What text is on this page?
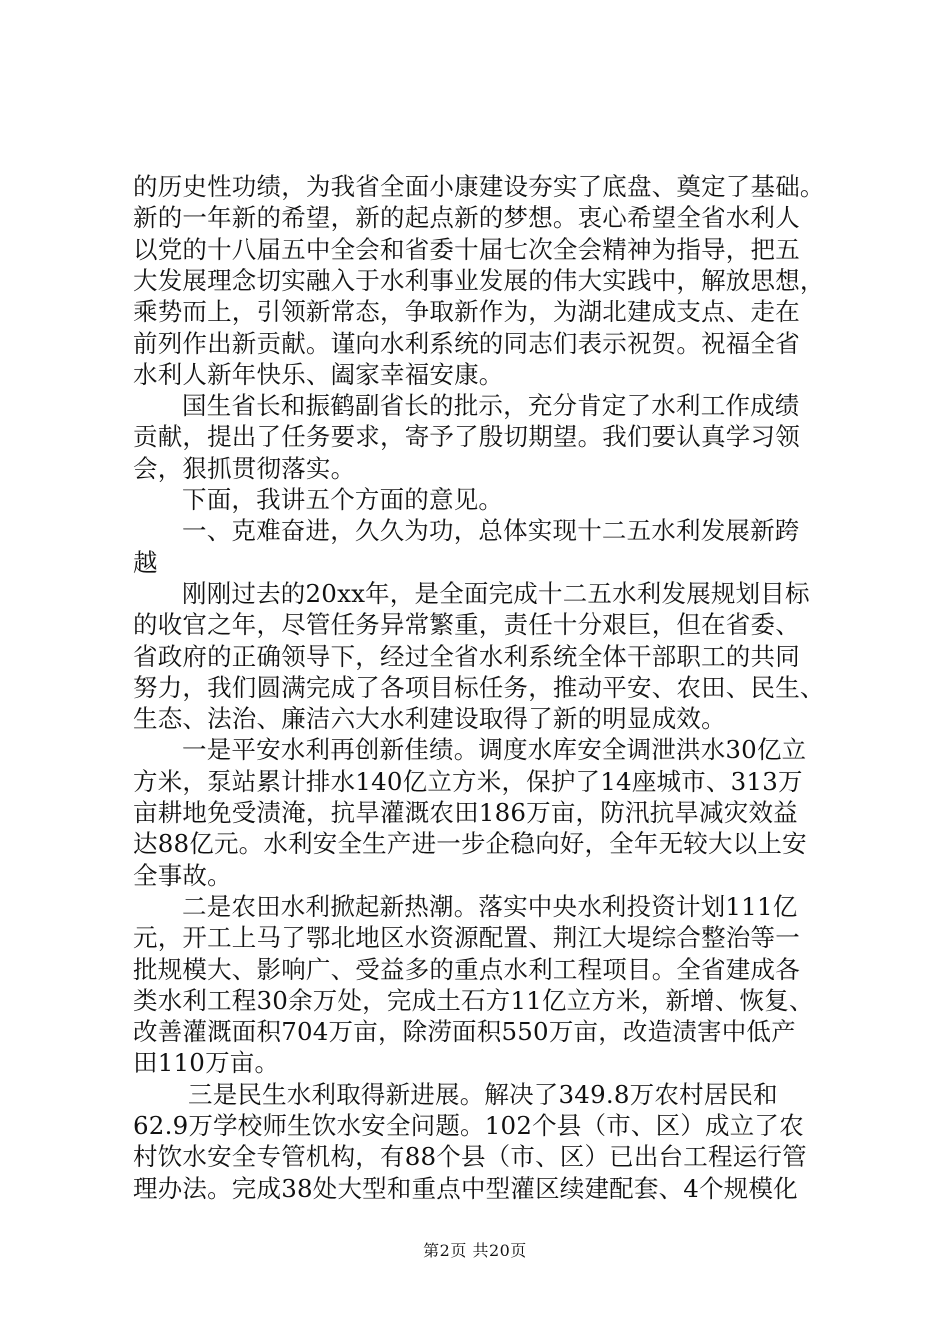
的历史性功绩，为我省全面小康建设夯实了底盘、奠定了基础。
新的一年新的希望，新的起点新的梦想。衷心希望全省水利人
以党的十八届五中全会和省委十届七次全会精神为指导，把五
大发展理念切实融入于水利事业发展的伟大实践中，解放思想，
乘势而上，引领新常态，争取新作为，为湖北建成支点、走在
前列作出新贡献。谨向水利系统的同志们表示祝贺。祝福全省
水利人新年快乐、阖家幸福安康。
国生省长和振鹤副省长的批示，充分肯定了水利工作成绩
贡献，提出了任务要求，寄予了殷切期望。我们要认真学习领
会，狠抓贯彻落实。
下面，我讲五个方面的意见。
一、克难奋进，久久为功，总体实现十二五水利发展新跨
越
刚刚过去的20xx年，是全面完成十二五水利发展规划目标
的收官之年，尽管任务异常繁重，责任十分艰巨，但在省委、
省政府的正确领导下，经过全省水利系统全体干部职工的共同
努力，我们圆满完成了各项目标任务，推动平安、农田、民生、
生态、法治、廉洁六大水利建设取得了新的明显成效。
一是平安水利再创新佳绩。调度水库安全调泄洪水30亿立
方米，泵站累计排水140亿立方米，保护了14座城市、313万
亩耕地免受渍淹，抗旱灌溉农田186万亩，防汛抗旱减灾效益
达88亿元。水利安全生产进一步企稳向好，全年无较大以上安
全事故。
二是农田水利掀起新热潮。落实中央水利投资计划111亿
元，开工上马了鄂北地区水资源配置、荆江大堤综合整治等一
批规模大、影响广、受益多的重点水利工程项目。全省建成各
类水利工程30余万处，完成土石方11亿立方米，新增、恢复、
改善灌溉面积704万亩，除涝面积550万亩，改造渍害中低产
田110万亩。
三是民生水利取得新进展。解决了349.8万农村居民和
62.9万学校师生饮水安全问题。102个县（市、区）成立了农
村饮水安全专管机构，有88个县（市、区）已出台工程运行管
理办法。完成38处大型和重点中型灌区续建配套、4个规模化
第2页 共20页
